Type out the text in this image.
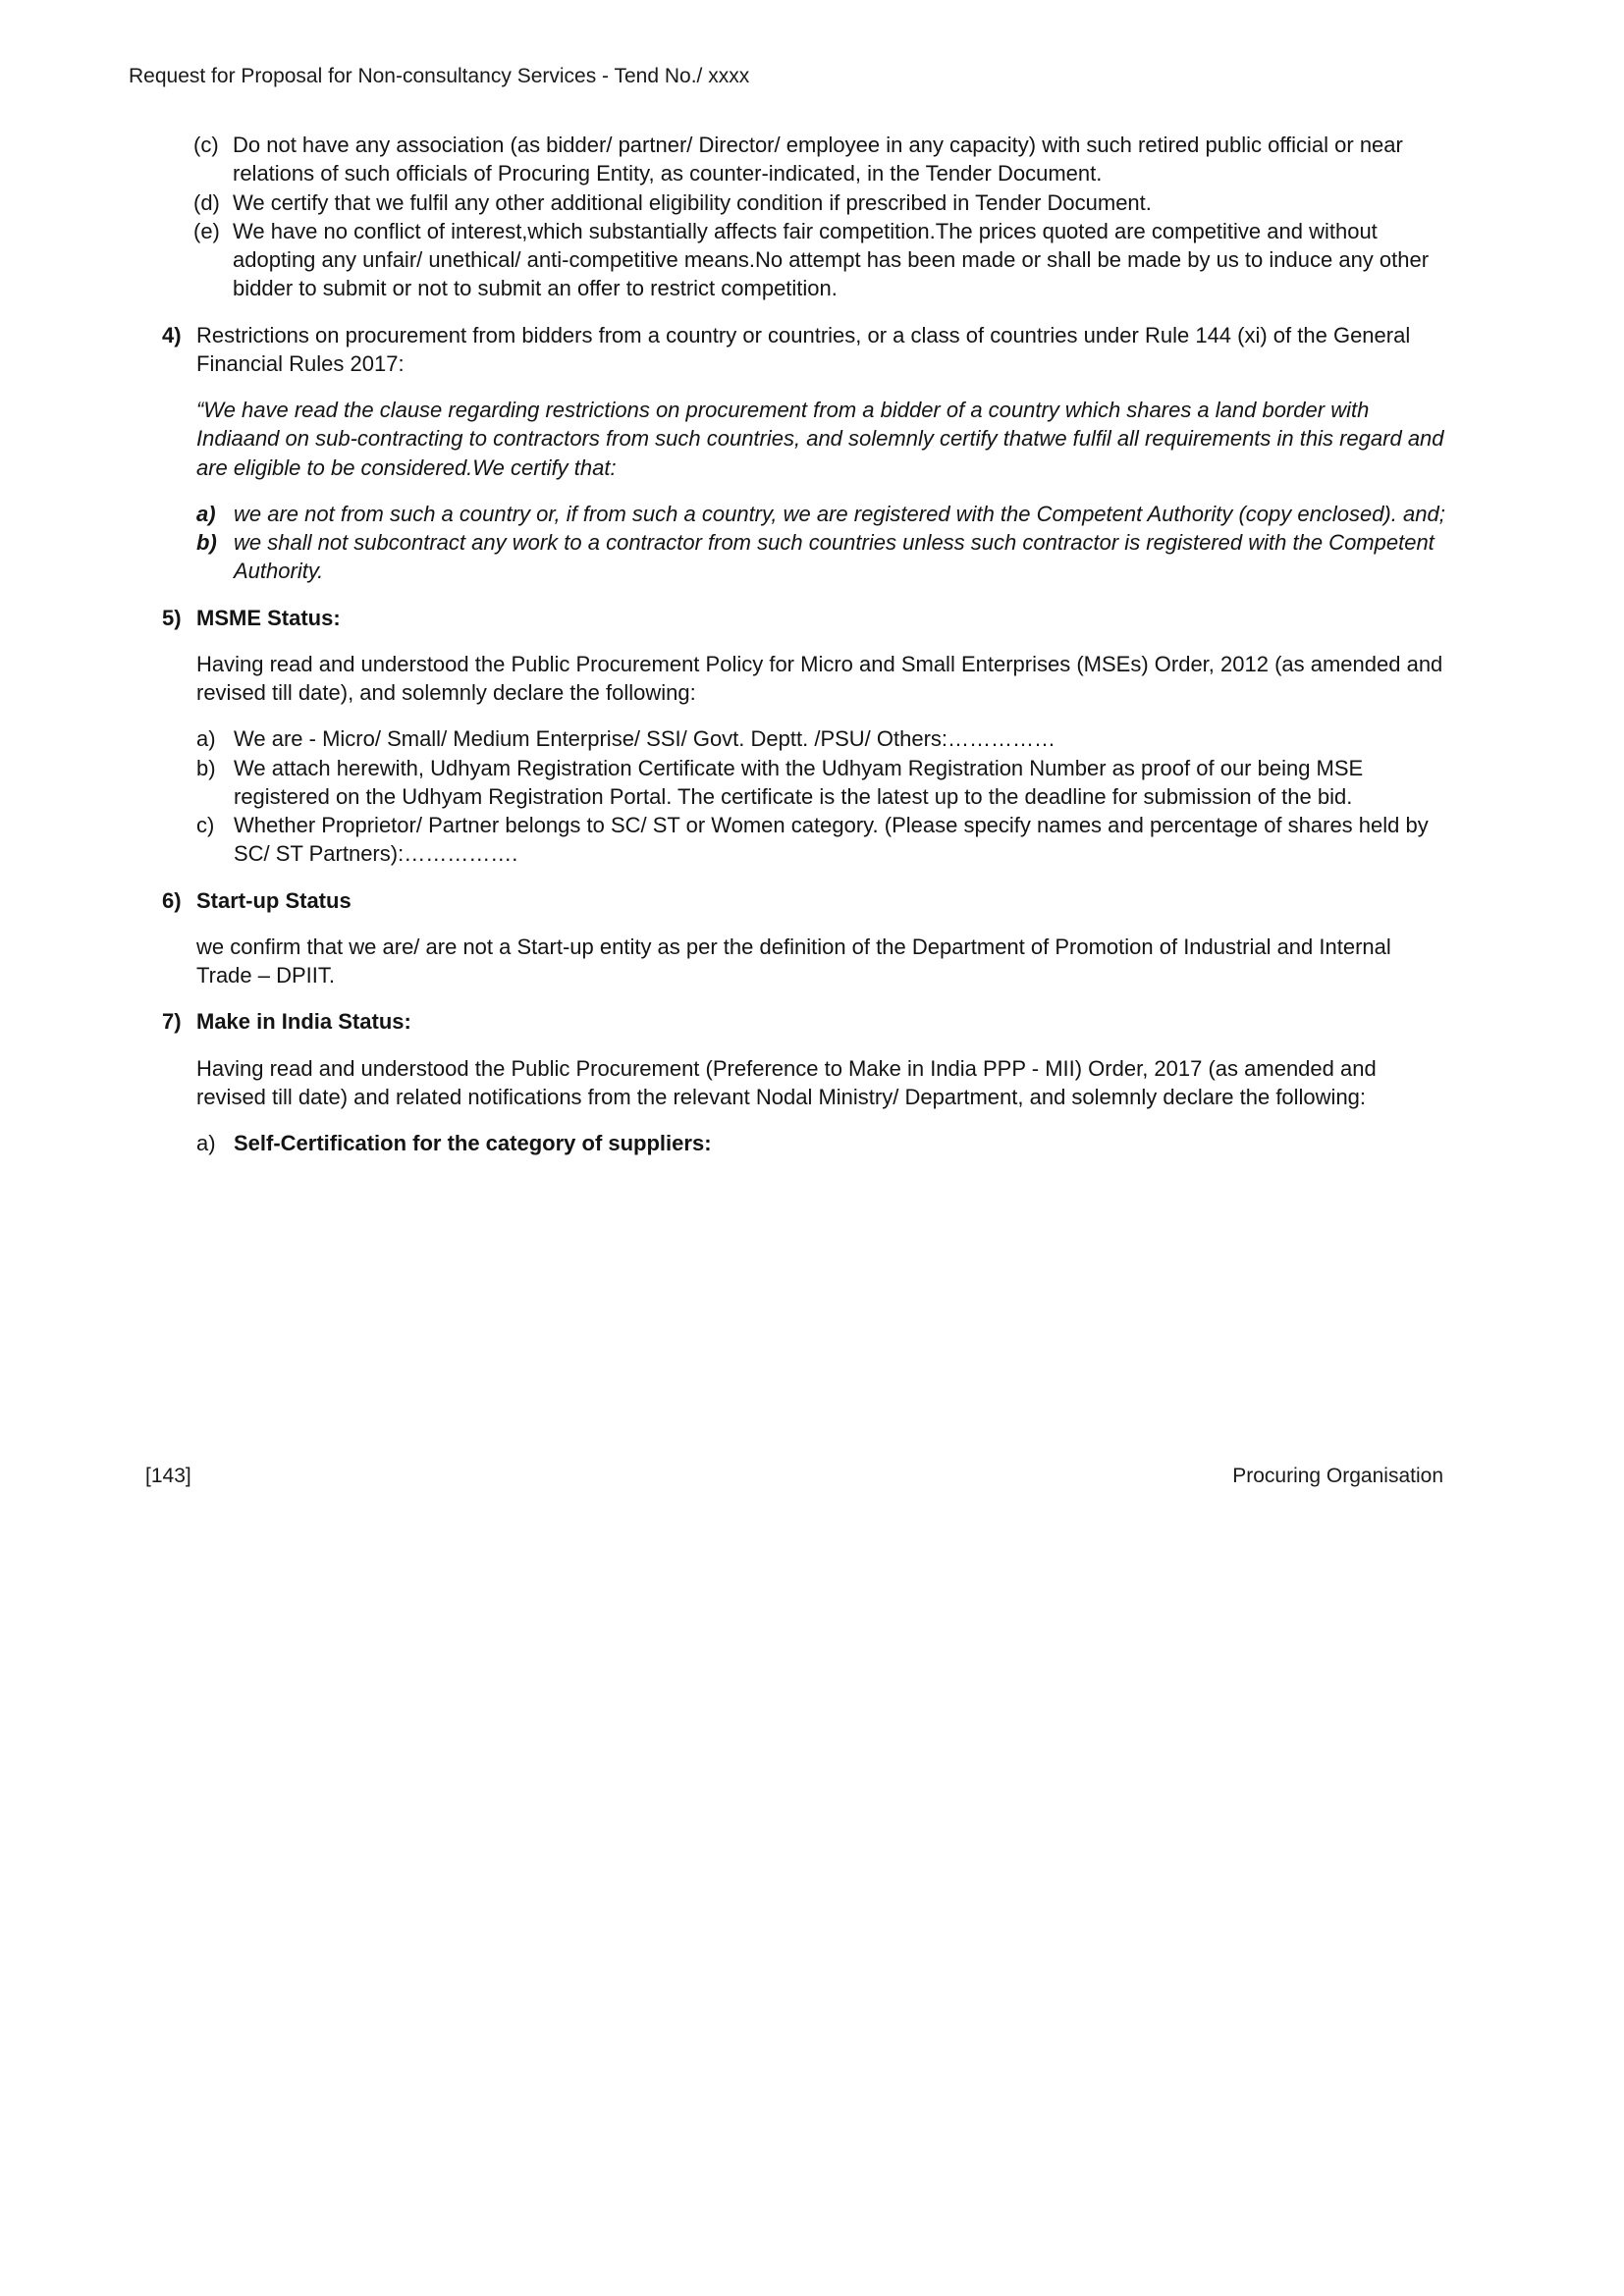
Request for Proposal for Non-consultancy Services - Tend No./ xxxx
(c) Do not have any association (as bidder/ partner/ Director/ employee in any capacity) with such retired public official or near relations of such officials of Procuring Entity, as counter-indicated, in the Tender Document.
(d) We certify that we fulfil any other additional eligibility condition if prescribed in Tender Document.
(e) We have no conflict of interest,which substantially affects fair competition.The prices quoted are competitive and without adopting any unfair/ unethical/ anti-competitive means.No attempt has been made or shall be made by us to induce any other bidder to submit or not to submit an offer to restrict competition.
4) Restrictions on procurement from bidders from a country or countries, or a class of countries under Rule 144 (xi) of the General Financial Rules 2017:

“We have read the clause regarding restrictions on procurement from a bidder of a country which shares a land border with Indiaand on sub-contracting to contractors from such countries, and solemnly certify thatwe fulfil all requirements in this regard and are eligible to be considered.We certify that:

a) we are not from such a country or, if from such a country, we are registered with the Competent Authority (copy enclosed). and;
b) we shall not subcontract any work to a contractor from such countries unless such contractor is registered with the Competent Authority.
5) MSME Status:

Having read and understood the Public Procurement Policy for Micro and Small Enterprises (MSEs) Order, 2012 (as amended and revised till date), and solemnly declare the following:

a) We are - Micro/ Small/ Medium Enterprise/ SSI/ Govt. Deptt. /PSU/ Others:……………
b) We attach herewith, Udhyam Registration Certificate with the Udhyam Registration Number as proof of our being MSE registered on the Udhyam Registration Portal. The certificate is the latest up to the deadline for submission of the bid.
c) Whether Proprietor/ Partner belongs to SC/ ST or Women category. (Please specify names and percentage of shares held by SC/ ST Partners):…………….
6) Start-up Status

we confirm that we are/ are not a Start-up entity as per the definition of the Department of Promotion of Industrial and Internal Trade – DPIIT.

7) Make in India Status:

Having read and understood the Public Procurement (Preference to Make in India PPP - MII) Order, 2017 (as amended and revised till date) and related notifications from the relevant Nodal Ministry/ Department, and solemnly declare the following:

a) Self-Certification for the category of suppliers:
[143]	Procuring Organisation
